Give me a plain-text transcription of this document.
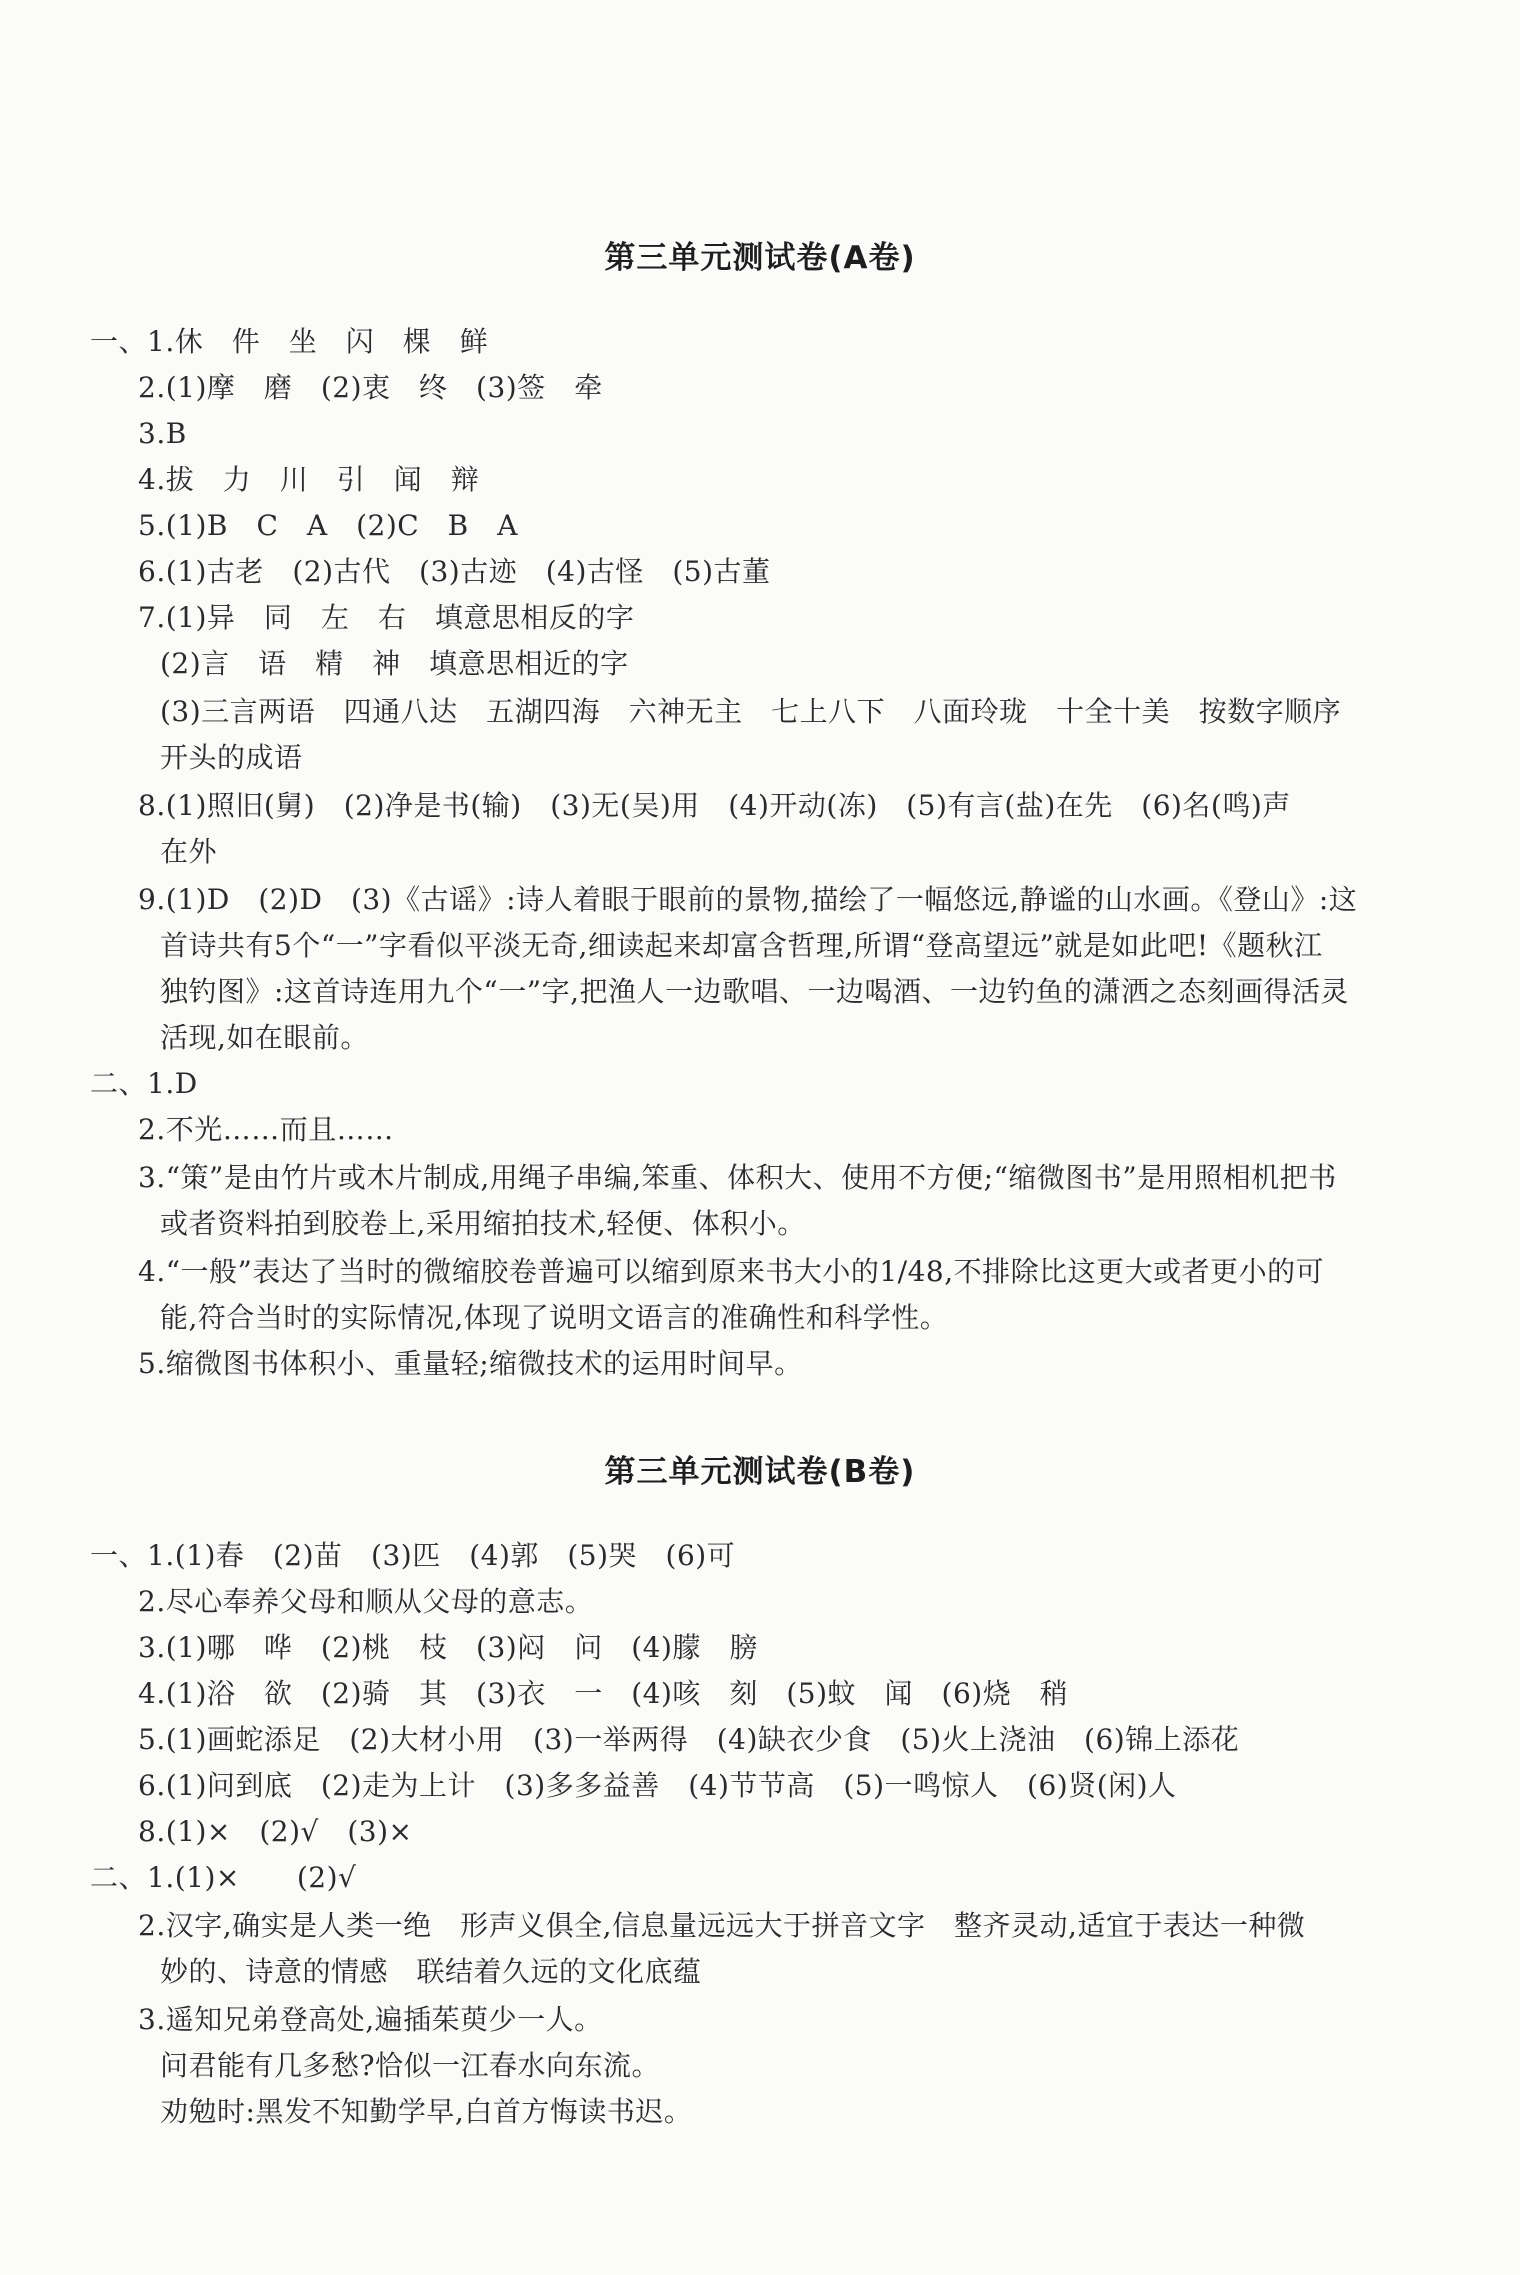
第三单元测试卷(A卷)
一、1.休　件　坐　闪　棵　鲜
2.(1)摩　磨　(2)衷　终　(3)签　牵
3.B
4.拔　力　川　引　闻　辩
5.(1)B　C　A　(2)C　B　A
6.(1)古老　(2)古代　(3)古迹　(4)古怪　(5)古董
7.(1)异　同　左　右　填意思相反的字
(2)言　语　精　神　填意思相近的字
(3)三言两语　四通八达　五湖四海　六神无主　七上八下　八面玲珑　十全十美　按数字顺序
开头的成语
8.(1)照旧(舅)　(2)净是书(输)　(3)无(吴)用　(4)开动(冻)　(5)有言(盐)在先　(6)名(鸣)声
在外
9.(1)D　(2)D　(3)《古谣》:诗人着眼于眼前的景物,描绘了一幅悠远,静谧的山水画。《登山》:这
首诗共有5个“一”字看似平淡无奇,细读起来却富含哲理,所谓“登高望远”就是如此吧!《题秋江
独钓图》:这首诗连用九个“一”字,把渔人一边歌唱、一边喝酒、一边钓鱼的潇洒之态刻画得活灵
活现,如在眼前。
二、1.D
2.不光……而且……
3.“策”是由竹片或木片制成,用绳子串编,笨重、体积大、使用不方便;“缩微图书”是用照相机把书
或者资料拍到胶卷上,采用缩拍技术,轻便、体积小。
4.“一般”表达了当时的微缩胶卷普遍可以缩到原来书大小的1/48,不排除比这更大或者更小的可
能,符合当时的实际情况,体现了说明文语言的准确性和科学性。
5.缩微图书体积小、重量轻;缩微技术的运用时间早。
第三单元测试卷(B卷)
一、1.(1)春　(2)苗　(3)匹　(4)郭　(5)哭　(6)可
2.尽心奉养父母和顺从父母的意志。
3.(1)哪　哗　(2)桃　枝　(3)闷　问　(4)朦　膀
4.(1)浴　欲　(2)骑　其　(3)衣　一　(4)咳　刻　(5)蚊　闻　(6)烧　稍
5.(1)画蛇添足　(2)大材小用　(3)一举两得　(4)缺衣少食　(5)火上浇油　(6)锦上添花
6.(1)问到底　(2)走为上计　(3)多多益善　(4)节节高　(5)一鸣惊人　(6)贤(闲)人
8.(1)×　(2)√　(3)×
二、1.(1)×　　(2)√
2.汉字,确实是人类一绝　形声义俱全,信息量远远大于拼音文字　整齐灵动,适宜于表达一种微
妙的、诗意的情感　联结着久远的文化底蕴
3.遥知兄弟登高处,遍插茱萸少一人。
问君能有几多愁?恰似一江春水向东流。
劝勉时:黑发不知勤学早,白首方悔读书迟。
